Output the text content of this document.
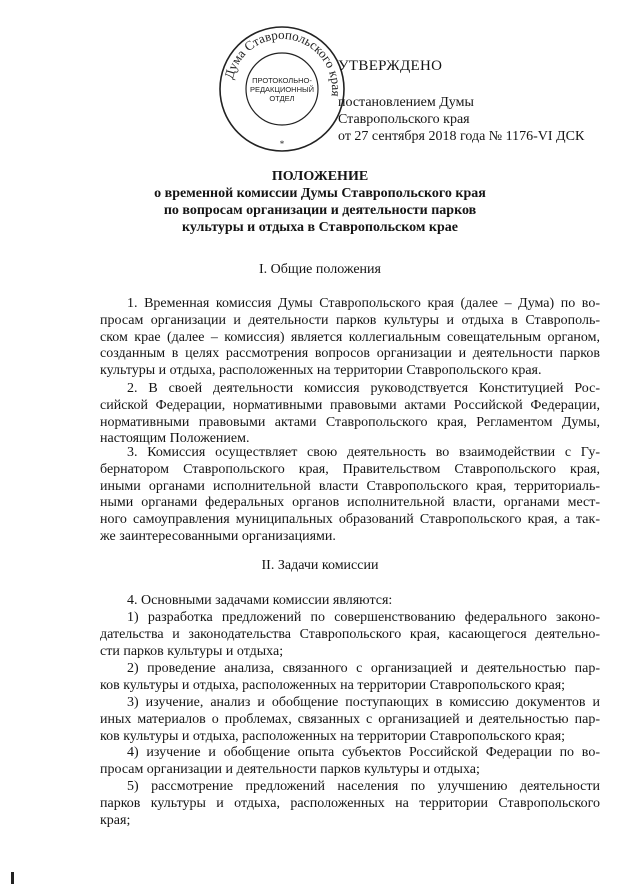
Дума Ставропольского края
ПРОТОКОЛЬНО-
РЕДАКЦИОННЫЙ
ОТДЕЛ
*
УТВЕРЖДЕНО
постановлением Думы
Ставропольского края
от 27 сентября 2018 года № 1176-VI ДСК
ПОЛОЖЕНИЕ
о временной комиссии Думы Ставропольского края
по вопросам организации и деятельности парков
культуры и отдыха в Ставропольском крае
I. Общие положения
1. Временная комиссия Думы Ставропольского края (далее – Дума) по во-
просам организации и деятельности парков культуры и отдыха в Ставрополь-
ском крае (далее – комиссия) является коллегиальным совещательным органом,
созданным в целях рассмотрения вопросов организации и деятельности парков
культуры и отдыха, расположенных на территории Ставропольского края.
2. В своей деятельности комиссия руководствуется Конституцией Рос-
сийской Федерации, нормативными правовыми актами Российской Федерации,
нормативными правовыми актами Ставропольского края, Регламентом Думы,
настоящим Положением.
3. Комиссия осуществляет свою деятельность во взаимодействии с Гу-
бернатором Ставропольского края, Правительством Ставропольского края,
иными органами исполнительной власти Ставропольского края, территориаль-
ными органами федеральных органов исполнительной власти, органами мест-
ного самоуправления муниципальных образований Ставропольского края, а так-
же заинтересованными организациями.
4. Основными задачами комиссии являются:
1) разработка предложений по совершенствованию федерального законо-
дательства и законодательства Ставропольского края, касающегося деятельно-
сти парков культуры и отдыха;
2) проведение анализа, связанного с организацией и деятельностью пар-
ков культуры и отдыха, расположенных на территории Ставропольского края;
3) изучение, анализ и обобщение поступающих в комиссию документов и
иных материалов о проблемах, связанных с организацией и деятельностью пар-
ков культуры и отдыха, расположенных на территории Ставропольского края;
4) изучение и обобщение опыта субъектов Российской Федерации по во-
просам организации и деятельности парков культуры и отдыха;
5) рассмотрение предложений населения по улучшению деятельности
парков культуры и отдыха, расположенных на территории Ставропольского
края;
II. Задачи комиссии
